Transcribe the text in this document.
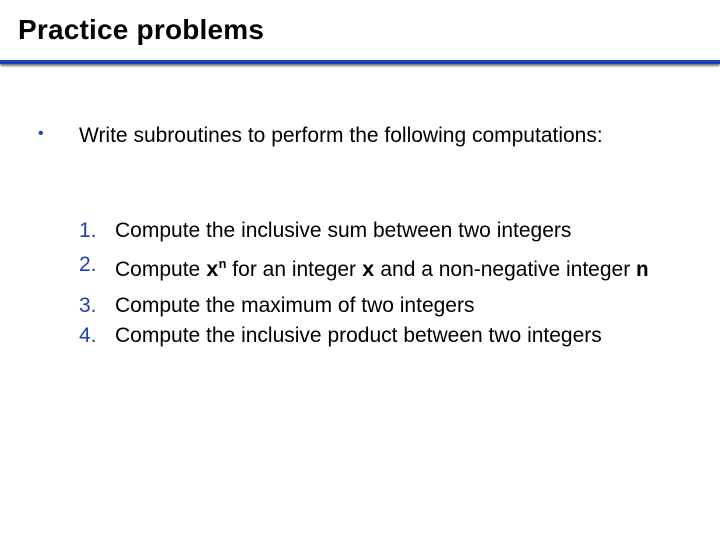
Practice problems
• Write subroutines to perform the following computations:
1. Compute the inclusive sum between two integers
2. Compute $x^n$ for an integer x and a non-negative integer n
3. Compute the maximum of two integers
4. Compute the inclusive product between two integers
